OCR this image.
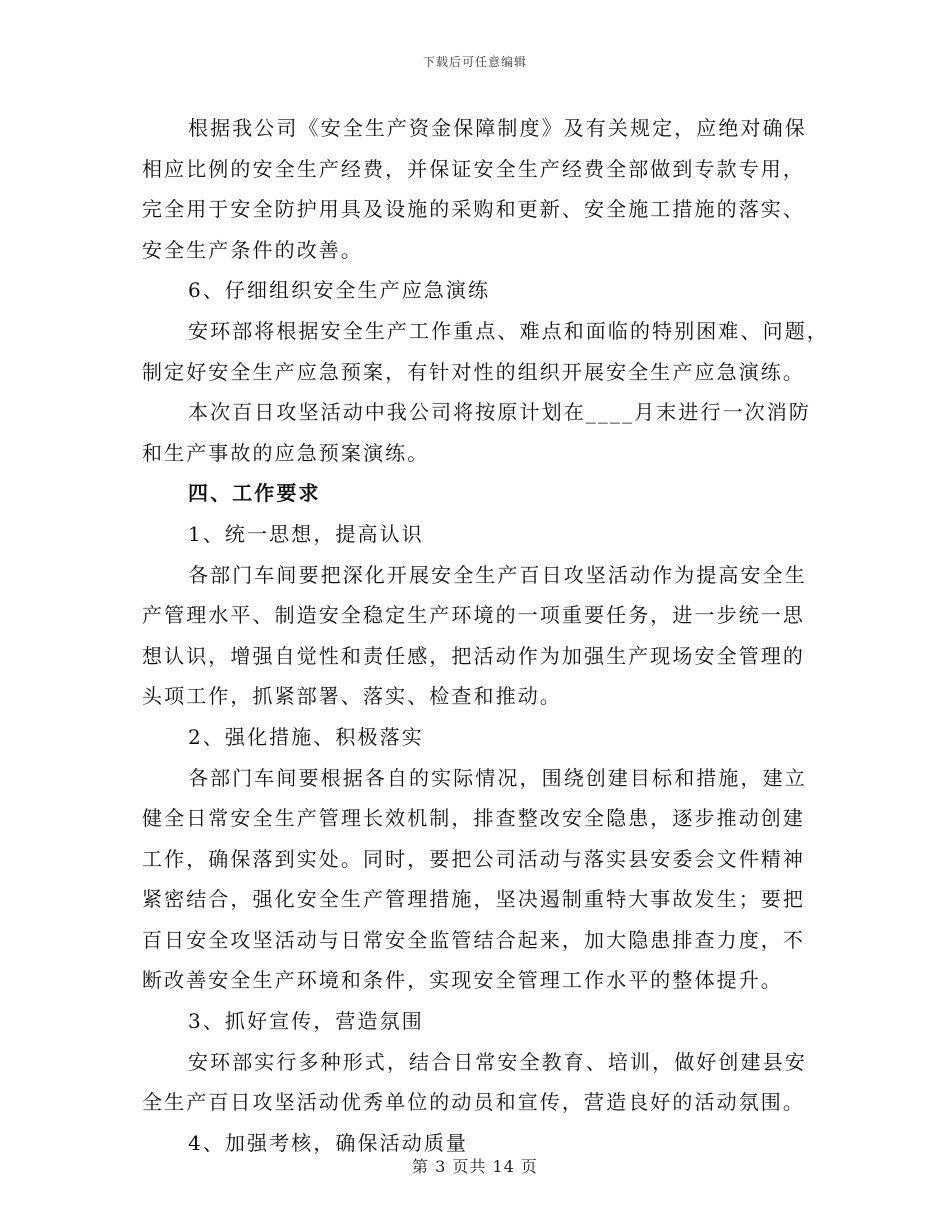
下载后可任意编辑
根据我公司《安全生产资金保障制度》及有关规定，应绝对确保
相应比例的安全生产经费，并保证安全生产经费全部做到专款专用，
完全用于安全防护用具及设施的采购和更新、安全施工措施的落实、
安全生产条件的改善。
6、仔细组织安全生产应急演练
安环部将根据安全生产工作重点、难点和面临的特别困难、问题，
制定好安全生产应急预案，有针对性的组织开展安全生产应急演练。
本次百日攻坚活动中我公司将按原计划在____月末进行一次消防
和生产事故的应急预案演练。
四、工作要求
1、统一思想，提高认识
各部门车间要把深化开展安全生产百日攻坚活动作为提高安全生
产管理水平、制造安全稳定生产环境的一项重要任务，进一步统一思
想认识，增强自觉性和责任感，把活动作为加强生产现场安全管理的
头项工作，抓紧部署、落实、检查和推动。
2、强化措施、积极落实
各部门车间要根据各自的实际情况，围绕创建目标和措施，建立
健全日常安全生产管理长效机制，排查整改安全隐患，逐步推动创建
工作，确保落到实处。同时，要把公司活动与落实县安委会文件精神
紧密结合，强化安全生产管理措施，坚决遏制重特大事故发生；要把
百日安全攻坚活动与日常安全监管结合起来，加大隐患排查力度，不
断改善安全生产环境和条件，实现安全管理工作水平的整体提升。
3、抓好宣传，营造氛围
安环部实行多种形式，结合日常安全教育、培训，做好创建县安
全生产百日攻坚活动优秀单位的动员和宣传，营造良好的活动氛围。
4、加强考核，确保活动质量
第 3 页共 14 页
